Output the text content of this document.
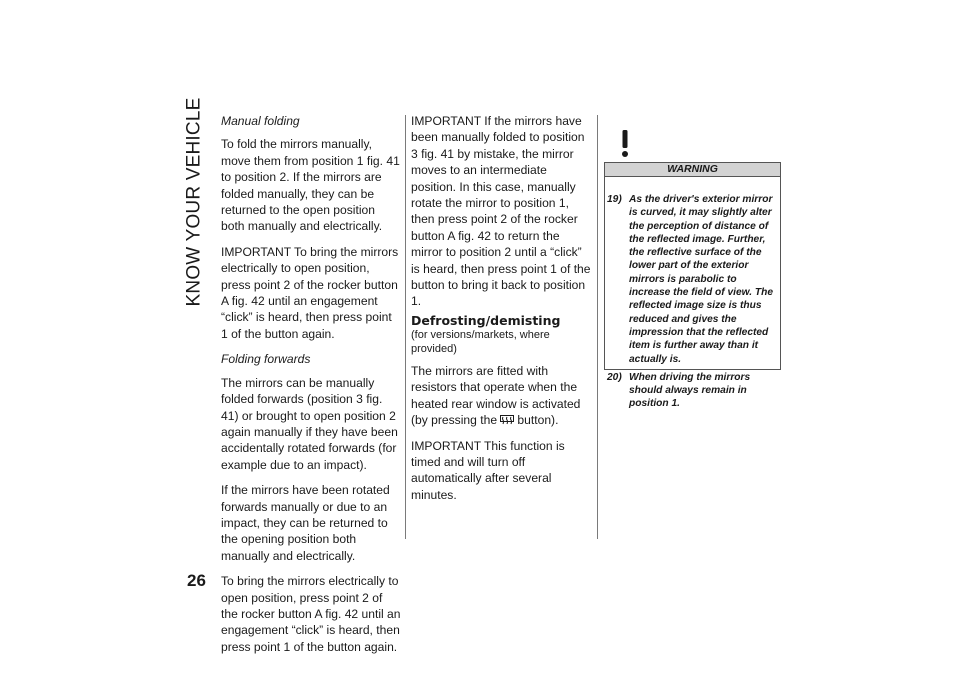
KNOW YOUR VEHICLE
26

Manual folding

To fold the mirrors manually, move them from position 1 fig. 41 to position 2. If the mirrors are folded manually, they can be returned to the open position both manually and electrically.

IMPORTANT To bring the mirrors electrically to open position, press point 2 of the rocker button A fig. 42 until an engagement “click” is heard, then press point 1 of the button again.

Folding forwards

The mirrors can be manually folded forwards (position 3 fig. 41) or brought to open position 2 again manually if they have been accidentally rotated forwards (for example due to an impact).

If the mirrors have been rotated forwards manually or due to an impact, they can be returned to the opening position both manually and electrically.

To bring the mirrors electrically to open position, press point 2 of the rocker button A fig. 42 until an engagement “click” is heard, then press point 1 of the button again.

IMPORTANT If the mirrors have been manually folded to position 3 fig. 41 by mistake, the mirror moves to an intermediate position. In this case, manually rotate the mirror to position 1, then press point 2 of the rocker button A fig. 42 to return the mirror to position 2 until a “click” is heard, then press point 1 of the button to bring it back to position 1.

Defrosting/demisting
(for versions/markets, where provided)

The mirrors are fitted with resistors that operate when the heated rear window is activated (by pressing the button).

IMPORTANT This function is timed and will turn off automatically after several minutes.

WARNING
19) As the driver's exterior mirror is curved, it may slightly alter the perception of distance of the reflected image. Further, the reflective surface of the lower part of the exterior mirrors is parabolic to increase the field of view. The reflected image size is thus reduced and gives the impression that the reflected item is further away than it actually is.
20) When driving the mirrors should always remain in position 1.
